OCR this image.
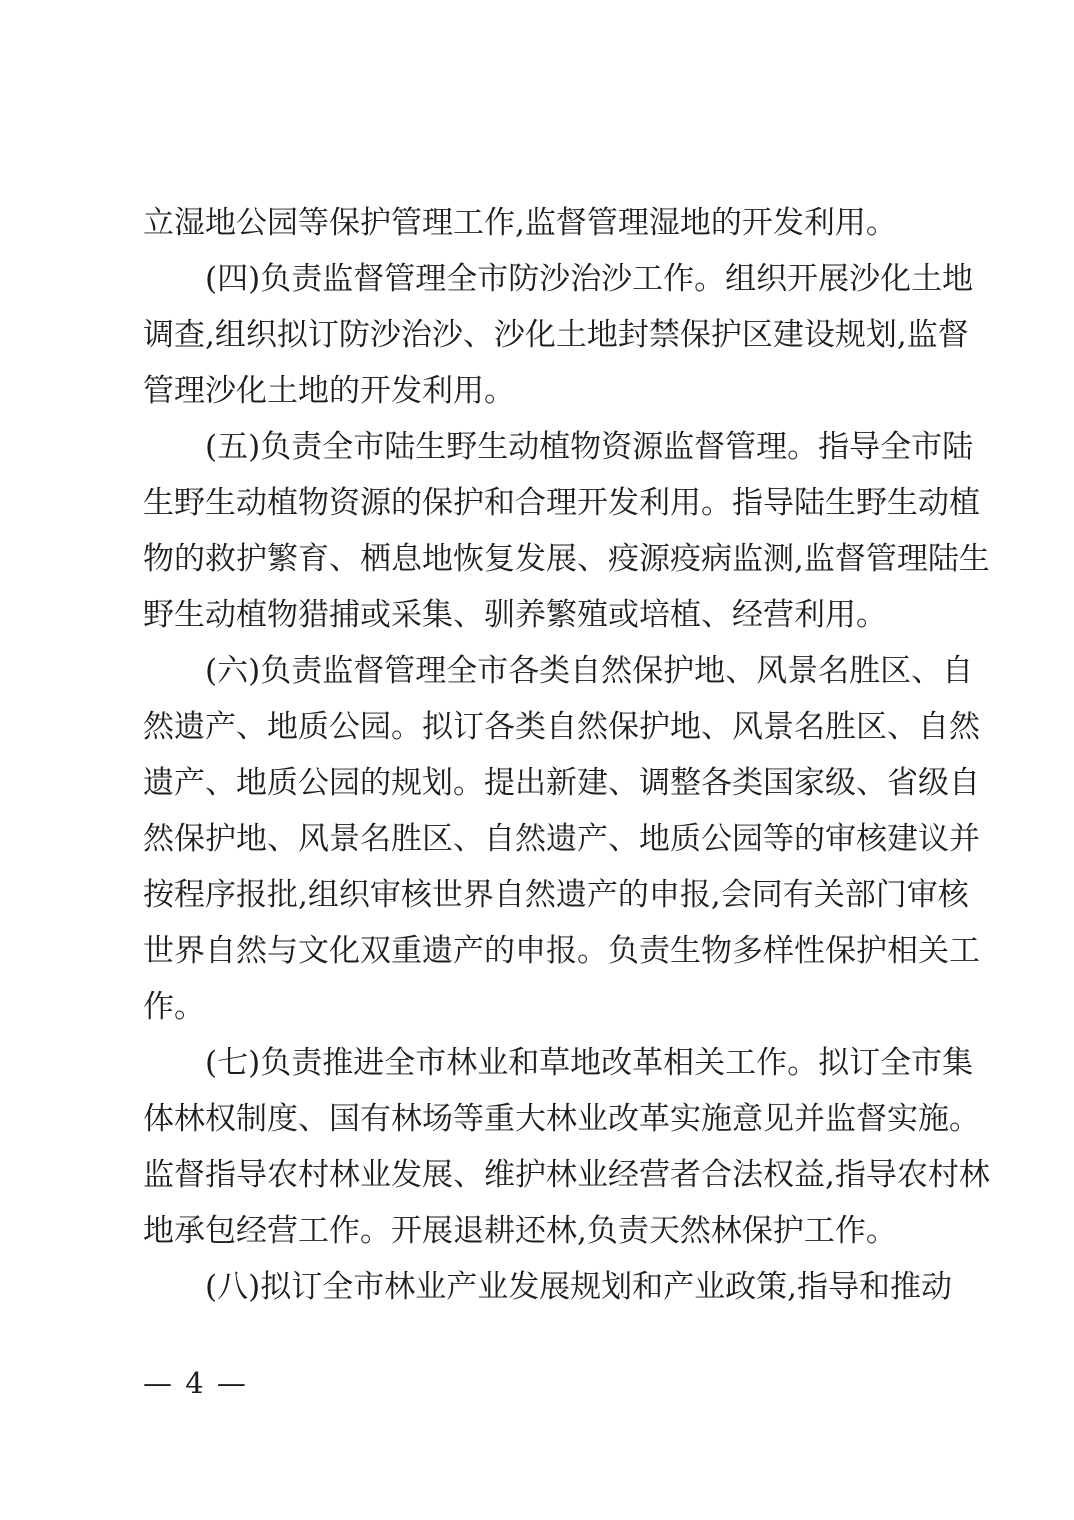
立湿地公园等保护管理工作,监督管理湿地的开发利用。

(四)负责监督管理全市防沙治沙工作。组织开展沙化土地
调查,组织拟订防沙治沙、沙化土地封禁保护区建设规划,监督
管理沙化土地的开发利用。

(五)负责全市陆生野生动植物资源监督管理。指导全市陆
生野生动植物资源的保护和合理开发利用。指导陆生野生动植
物的救护繁育、栖息地恢复发展、疫源疫病监测,监督管理陆生
野生动植物猎捕或采集、驯养繁殖或培植、经营利用。

(六)负责监督管理全市各类自然保护地、风景名胜区、自
然遗产、地质公园。拟订各类自然保护地、风景名胜区、自然
遗产、地质公园的规划。提出新建、调整各类国家级、省级自
然保护地、风景名胜区、自然遗产、地质公园等的审核建议并
按程序报批,组织审核世界自然遗产的申报,会同有关部门审核
世界自然与文化双重遗产的申报。负责生物多样性保护相关工
作。

(七)负责推进全市林业和草地改革相关工作。拟订全市集
体林权制度、国有林场等重大林业改革实施意见并监督实施。
监督指导农村林业发展、维护林业经营者合法权益,指导农村林
地承包经营工作。开展退耕还林,负责天然林保护工作。

(八)拟订全市林业产业发展规划和产业政策,指导和推动

— 4 —
